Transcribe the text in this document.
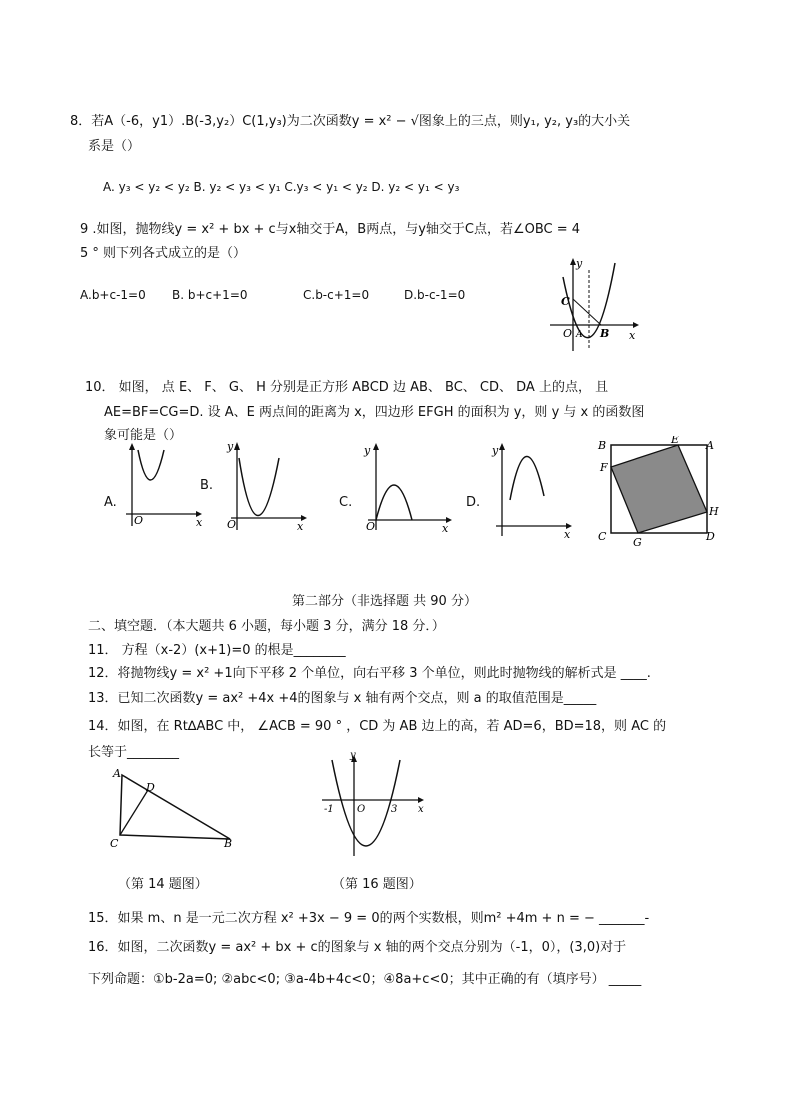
8．若A（-6，y1）.B(-3,y₂）C(1,y₃)为二次函数y = x² − √图象上的三点，则y₁, y₂, y₃的大小关
系是（）
A. y₃ < y₂ < y₂ B. y₂ < y₃ < y₁ C.y₃ < y₁ < y₂ D. y₂ < y₁ < y₃
9 .如图，抛物线y = x² + bx + c与x轴交于A，B两点，与y轴交于C点，若∠OBC = 4
5 ° 则下列各式成立的是（）
A.b+c-1=0 B. b+c+1=0	C.b-c+1=0	D.b-c-1=0
y
x
C
O A B
10． 如图， 点 E、 F、 G、 H 分别是正方形 ABCD 边 AB、 BC、 CD、 DA 上的点， 且
AE=BF=CG=D. 设 A、E 两点间的距离为 x，四边形 EFGH 的面积为 y，则 y 与 x 的函数图
象可能是（）
A.
O	x
B.
y
O	x
C.
y
O	x
D.
y
x
B	E A
F
H
C G	D
第二部分（非选择题 共 90 分）
二、填空题．（本大题共 6 小题，每小题 3 分，满分 18 分．）
11． 方程（x-2）(x+1)=0 的根是________
12．将抛物线y = x² +1向下平移 2 个单位，向右平移 3 个单位，则此时抛物线的解析式是 ____.
13．已知二次函数y = ax² +4x +4的图象与 x 轴有两个交点，则 a 的取值范围是_____
14．如图，在 Rt∆ABC 中， ∠ACB = 90 ° ，CD 为 AB 边上的高，若 AD=6，BD=18，则 AC 的
长等于________
A
D
C	B
y
x
-1 O	3
（第 14 题图）	（第 16 题图）
15．如果 m、n 是一元二次方程 x² +3x − 9 = 0的两个实数根，则m² +4m + n = − _______-
16．如图，二次函数y = ax² + bx + c的图象与 x 轴的两个交点分别为（-1，0），(3,0)对于
下列命题：①b-2a=0; ②abc<0; ③a-4b+4c<0；④8a+c<0；其中正确的有（填序号） _____
